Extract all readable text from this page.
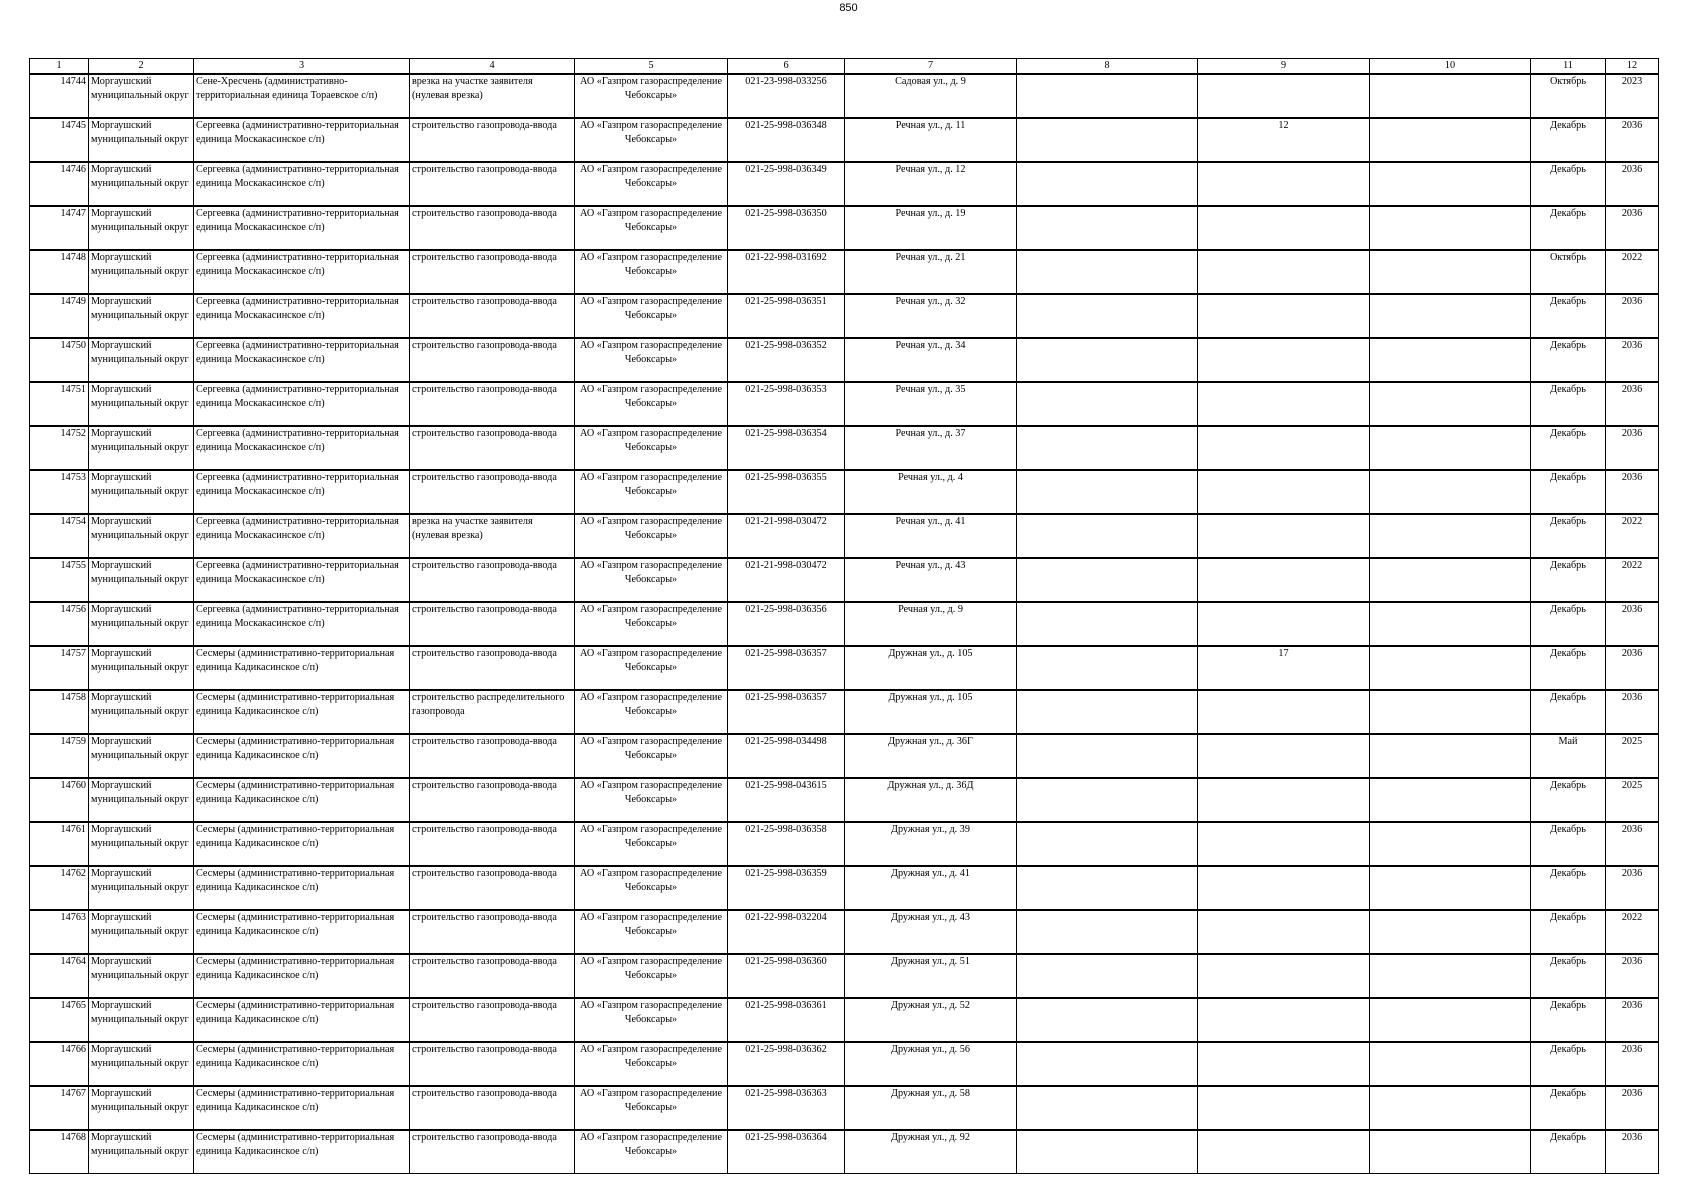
850
1	2	3	4	5	6	7	8	9	10	11	12

14744	Моргаушский муниципальный округ	Сене-Хресчень (административно-территориальная единица Тораевское с/п)	врезка на участке заявителя (нулевая врезка)	АО «Газпром газораспределение Чебоксары»	021-23-998-033256	Садовая ул., д. 9				Октябрь	2023

14745	Моргаушский муниципальный округ	Сергеевка (административно-территориальная единица Москакасинское с/п)	строительство газопровода-ввода	АО «Газпром газораспределение Чебоксары»	021-25-998-036348	Речная ул., д. 11		12		Декабрь	2036

14746	Моргаушский муниципальный округ	Сергеевка (административно-территориальная единица Москакасинское с/п)	строительство газопровода-ввода	АО «Газпром газораспределение Чебоксары»	021-25-998-036349	Речная ул., д. 12				Декабрь	2036

14747	Моргаушский муниципальный округ	Сергеевка (административно-территориальная единица Москакасинское с/п)	строительство газопровода-ввода	АО «Газпром газораспределение Чебоксары»	021-25-998-036350	Речная ул., д. 19				Декабрь	2036

14748	Моргаушский муниципальный округ	Сергеевка (административно-территориальная единица Москакасинское с/п)	строительство газопровода-ввода	АО «Газпром газораспределение Чебоксары»	021-22-998-031692	Речная ул., д. 21				Октябрь	2022

14749	Моргаушский муниципальный округ	Сергеевка (административно-территориальная единица Москакасинское с/п)	строительство газопровода-ввода	АО «Газпром газораспределение Чебоксары»	021-25-998-036351	Речная ул., д. 32				Декабрь	2036

14750	Моргаушский муниципальный округ	Сергеевка (административно-территориальная единица Москакасинское с/п)	строительство газопровода-ввода	АО «Газпром газораспределение Чебоксары»	021-25-998-036352	Речная ул., д. 34				Декабрь	2036

14751	Моргаушский муниципальный округ	Сергеевка (административно-территориальная единица Москакасинское с/п)	строительство газопровода-ввода	АО «Газпром газораспределение Чебоксары»	021-25-998-036353	Речная ул., д. 35				Декабрь	2036

14752	Моргаушский муниципальный округ	Сергеевка (административно-территориальная единица Москакасинское с/п)	строительство газопровода-ввода	АО «Газпром газораспределение Чебоксары»	021-25-998-036354	Речная ул., д. 37				Декабрь	2036

14753	Моргаушский муниципальный округ	Сергеевка (административно-территориальная единица Москакасинское с/п)	строительство газопровода-ввода	АО «Газпром газораспределение Чебоксары»	021-25-998-036355	Речная ул., д. 4				Декабрь	2036

14754	Моргаушский муниципальный округ	Сергеевка (административно-территориальная единица Москакасинское с/п)	врезка на участке заявителя (нулевая врезка)	АО «Газпром газораспределение Чебоксары»	021-21-998-030472	Речная ул., д. 41				Декабрь	2022

14755	Моргаушский муниципальный округ	Сергеевка (административно-территориальная единица Москакасинское с/п)	строительство газопровода-ввода	АО «Газпром газораспределение Чебоксары»	021-21-998-030472	Речная ул., д. 43				Декабрь	2022

14756	Моргаушский муниципальный округ	Сергеевка (административно-территориальная единица Москакасинское с/п)	строительство газопровода-ввода	АО «Газпром газораспределение Чебоксары»	021-25-998-036356	Речная ул., д. 9				Декабрь	2036

14757	Моргаушский муниципальный округ	Сесмеры (административно-территориальная единица Кадикасинское с/п)	строительство газопровода-ввода	АО «Газпром газораспределение Чебоксары»	021-25-998-036357	Дружная ул., д. 105		17		Декабрь	2036

14758	Моргаушский муниципальный округ	Сесмеры (административно-территориальная единица Кадикасинское с/п)	строительство распределительного газопровода	АО «Газпром газораспределение Чебоксары»	021-25-998-036357	Дружная ул., д. 105				Декабрь	2036

14759	Моргаушский муниципальный округ	Сесмеры (административно-территориальная единица Кадикасинское с/п)	строительство газопровода-ввода	АО «Газпром газораспределение Чебоксары»	021-25-998-034498	Дружная ул., д. 36Г				Май	2025

14760	Моргаушский муниципальный округ	Сесмеры (административно-территориальная единица Кадикасинское с/п)	строительство газопровода-ввода	АО «Газпром газораспределение Чебоксары»	021-25-998-043615	Дружная ул., д. 36Д				Декабрь	2025

14761	Моргаушский муниципальный округ	Сесмеры (административно-территориальная единица Кадикасинское с/п)	строительство газопровода-ввода	АО «Газпром газораспределение Чебоксары»	021-25-998-036358	Дружная ул., д. 39				Декабрь	2036

14762	Моргаушский муниципальный округ	Сесмеры (административно-территориальная единица Кадикасинское с/п)	строительство газопровода-ввода	АО «Газпром газораспределение Чебоксары»	021-25-998-036359	Дружная ул., д. 41				Декабрь	2036

14763	Моргаушский муниципальный округ	Сесмеры (административно-территориальная единица Кадикасинское с/п)	строительство газопровода-ввода	АО «Газпром газораспределение Чебоксары»	021-22-998-032204	Дружная ул., д. 43				Декабрь	2022

14764	Моргаушский муниципальный округ	Сесмеры (административно-территориальная единица Кадикасинское с/п)	строительство газопровода-ввода	АО «Газпром газораспределение Чебоксары»	021-25-998-036360	Дружная ул., д. 51				Декабрь	2036

14765	Моргаушский муниципальный округ	Сесмеры (административно-территориальная единица Кадикасинское с/п)	строительство газопровода-ввода	АО «Газпром газораспределение Чебоксары»	021-25-998-036361	Дружная ул., д. 52				Декабрь	2036

14766	Моргаушский муниципальный округ	Сесмеры (административно-территориальная единица Кадикасинское с/п)	строительство газопровода-ввода	АО «Газпром газораспределение Чебоксары»	021-25-998-036362	Дружная ул., д. 56				Декабрь	2036

14767	Моргаушский муниципальный округ	Сесмеры (административно-территориальная единица Кадикасинское с/п)	строительство газопровода-ввода	АО «Газпром газораспределение Чебоксары»	021-25-998-036363	Дружная ул., д. 58				Декабрь	2036

14768	Моргаушский муниципальный округ	Сесмеры (административно-территориальная единица Кадикасинское с/п)	строительство газопровода-ввода	АО «Газпром газораспределение Чебоксары»	021-25-998-036364	Дружная ул., д. 92				Декабрь	2036
